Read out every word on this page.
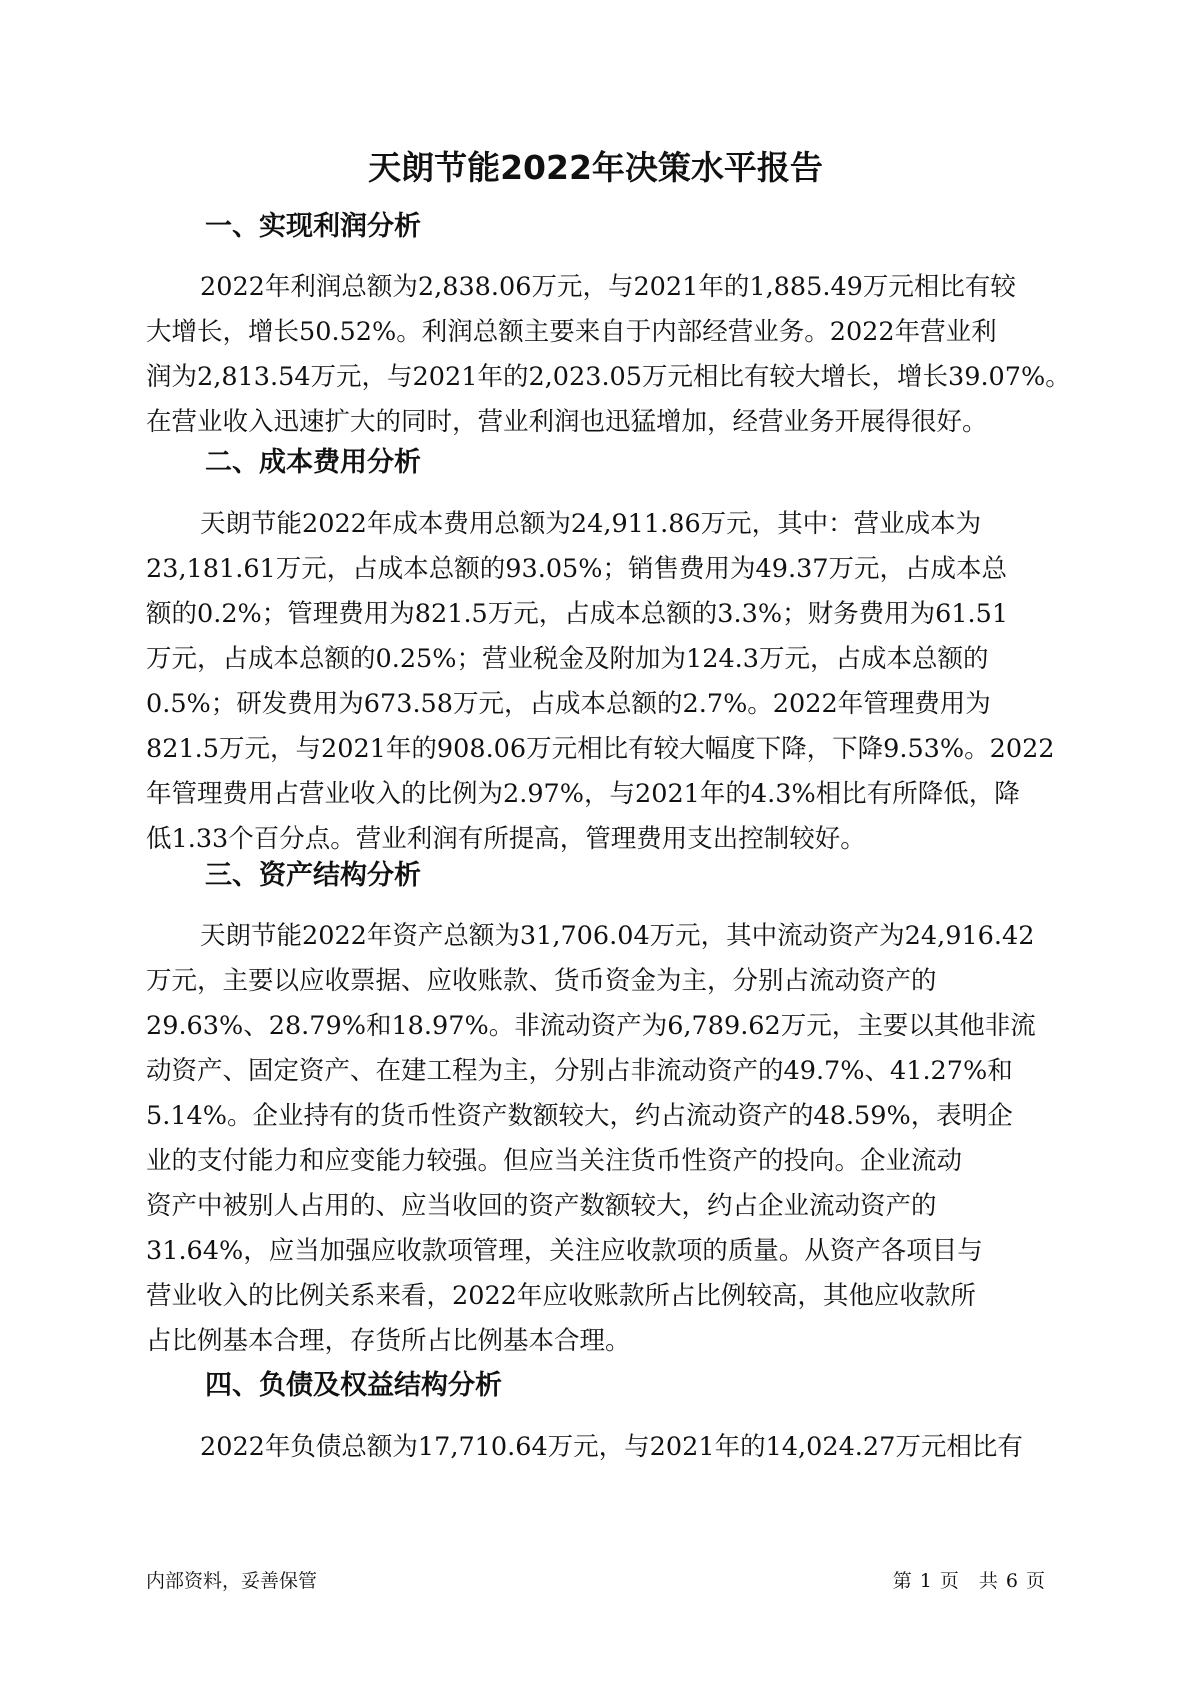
天朗节能2022年决策水平报告
一、实现利润分析
2022年利润总额为2,838.06万元，与2021年的1,885.49万元相比有较
大增长，增长50.52%。利润总额主要来自于内部经营业务。2022年营业利
润为2,813.54万元，与2021年的2,023.05万元相比有较大增长，增长39.07%。
在营业收入迅速扩大的同时，营业利润也迅猛增加，经营业务开展得很好。
二、成本费用分析
天朗节能2022年成本费用总额为24,911.86万元，其中：营业成本为
23,181.61万元，占成本总额的93.05%；销售费用为49.37万元，占成本总
额的0.2%；管理费用为821.5万元，占成本总额的3.3%；财务费用为61.51
万元，占成本总额的0.25%；营业税金及附加为124.3万元，占成本总额的
0.5%；研发费用为673.58万元，占成本总额的2.7%。2022年管理费用为
821.5万元，与2021年的908.06万元相比有较大幅度下降，下降9.53%。2022
年管理费用占营业收入的比例为2.97%，与2021年的4.3%相比有所降低，降
低1.33个百分点。营业利润有所提高，管理费用支出控制较好。
三、资产结构分析
天朗节能2022年资产总额为31,706.04万元，其中流动资产为24,916.42
万元，主要以应收票据、应收账款、货币资金为主，分别占流动资产的
29.63%、28.79%和18.97%。非流动资产为6,789.62万元，主要以其他非流
动资产、固定资产、在建工程为主，分别占非流动资产的49.7%、41.27%和
5.14%。企业持有的货币性资产数额较大，约占流动资产的48.59%，表明企
业的支付能力和应变能力较强。但应当关注货币性资产的投向。企业流动
资产中被别人占用的、应当收回的资产数额较大，约占企业流动资产的
31.64%，应当加强应收款项管理，关注应收款项的质量。从资产各项目与
营业收入的比例关系来看，2022年应收账款所占比例较高，其他应收款所
占比例基本合理，存货所占比例基本合理。
四、负债及权益结构分析
2022年负债总额为17,710.64万元，与2021年的14,024.27万元相比有
内部资料，妥善保管	第 1 页 共 6 页
